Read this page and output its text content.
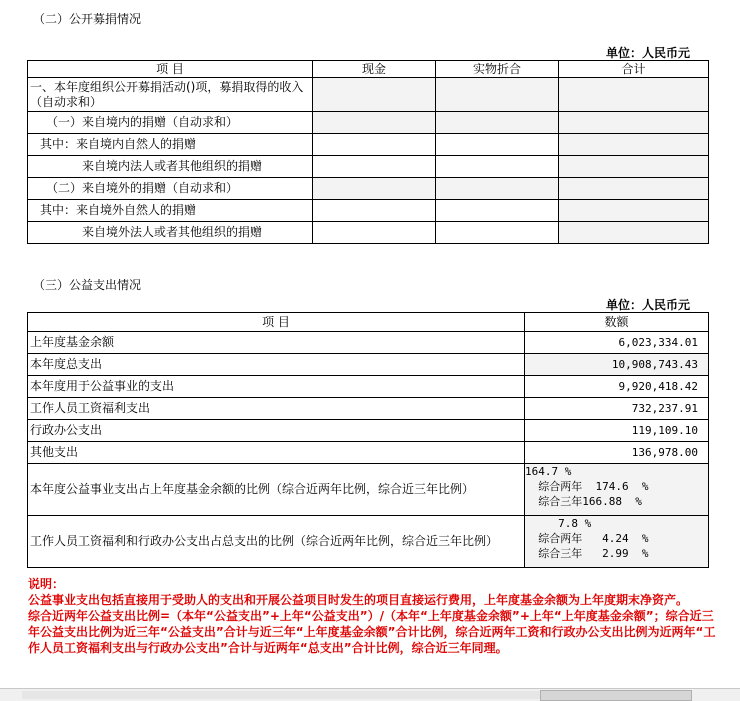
（二）公开募捐情况
单位：人民币元
项 目	现金	实物折合	合计
一、本年度组织公开募捐活动()项，募捐取得的收入（自动求和）			
（一）来自境内的捐赠（自动求和）			
其中：来自境内自然人的捐赠			
来自境内法人或者其他组织的捐赠			
（二）来自境外的捐赠（自动求和）			
其中：来自境外自然人的捐赠			
来自境外法人或者其他组织的捐赠			
（三）公益支出情况
单位：人民币元
项 目	数额
上年度基金余额	6,023,334.01
本年度总支出	10,908,743.43
本年度用于公益事业的支出	9,920,418.42
工作人员工资福利支出	732,237.91
行政办公支出	119,109.10
其他支出	136,978.00
本年度公益事业支出占上年度基金余额的比例（综合近两年比例，综合近三年比例）	164.7 %
综合两年  174.6  %
综合三年166.88  %

工作人员工资福利和行政办公支出占总支出的比例（综合近两年比例，综合近三年比例）	7.8 %
综合两年   4.24  %
综合三年   2.99  %
说明：
公益事业支出包括直接用于受助人的支出和开展公益项目时发生的项目直接运行费用，上年度基金余额为上年度期末净资产。
综合近两年公益支出比例=（本年“公益支出”+上年“公益支出”）/（本年“上年度基金余额”+上年“上年度基金余额”；综合近三年公益支出比例为近三年“公益支出”合计与近三年“上年度基金余额”合计比例，综合近两年工资和行政办公支出比例为近两年“工作人员工资福利支出与行政办公支出”合计与近两年“总支出”合计比例，综合近三年同理。
